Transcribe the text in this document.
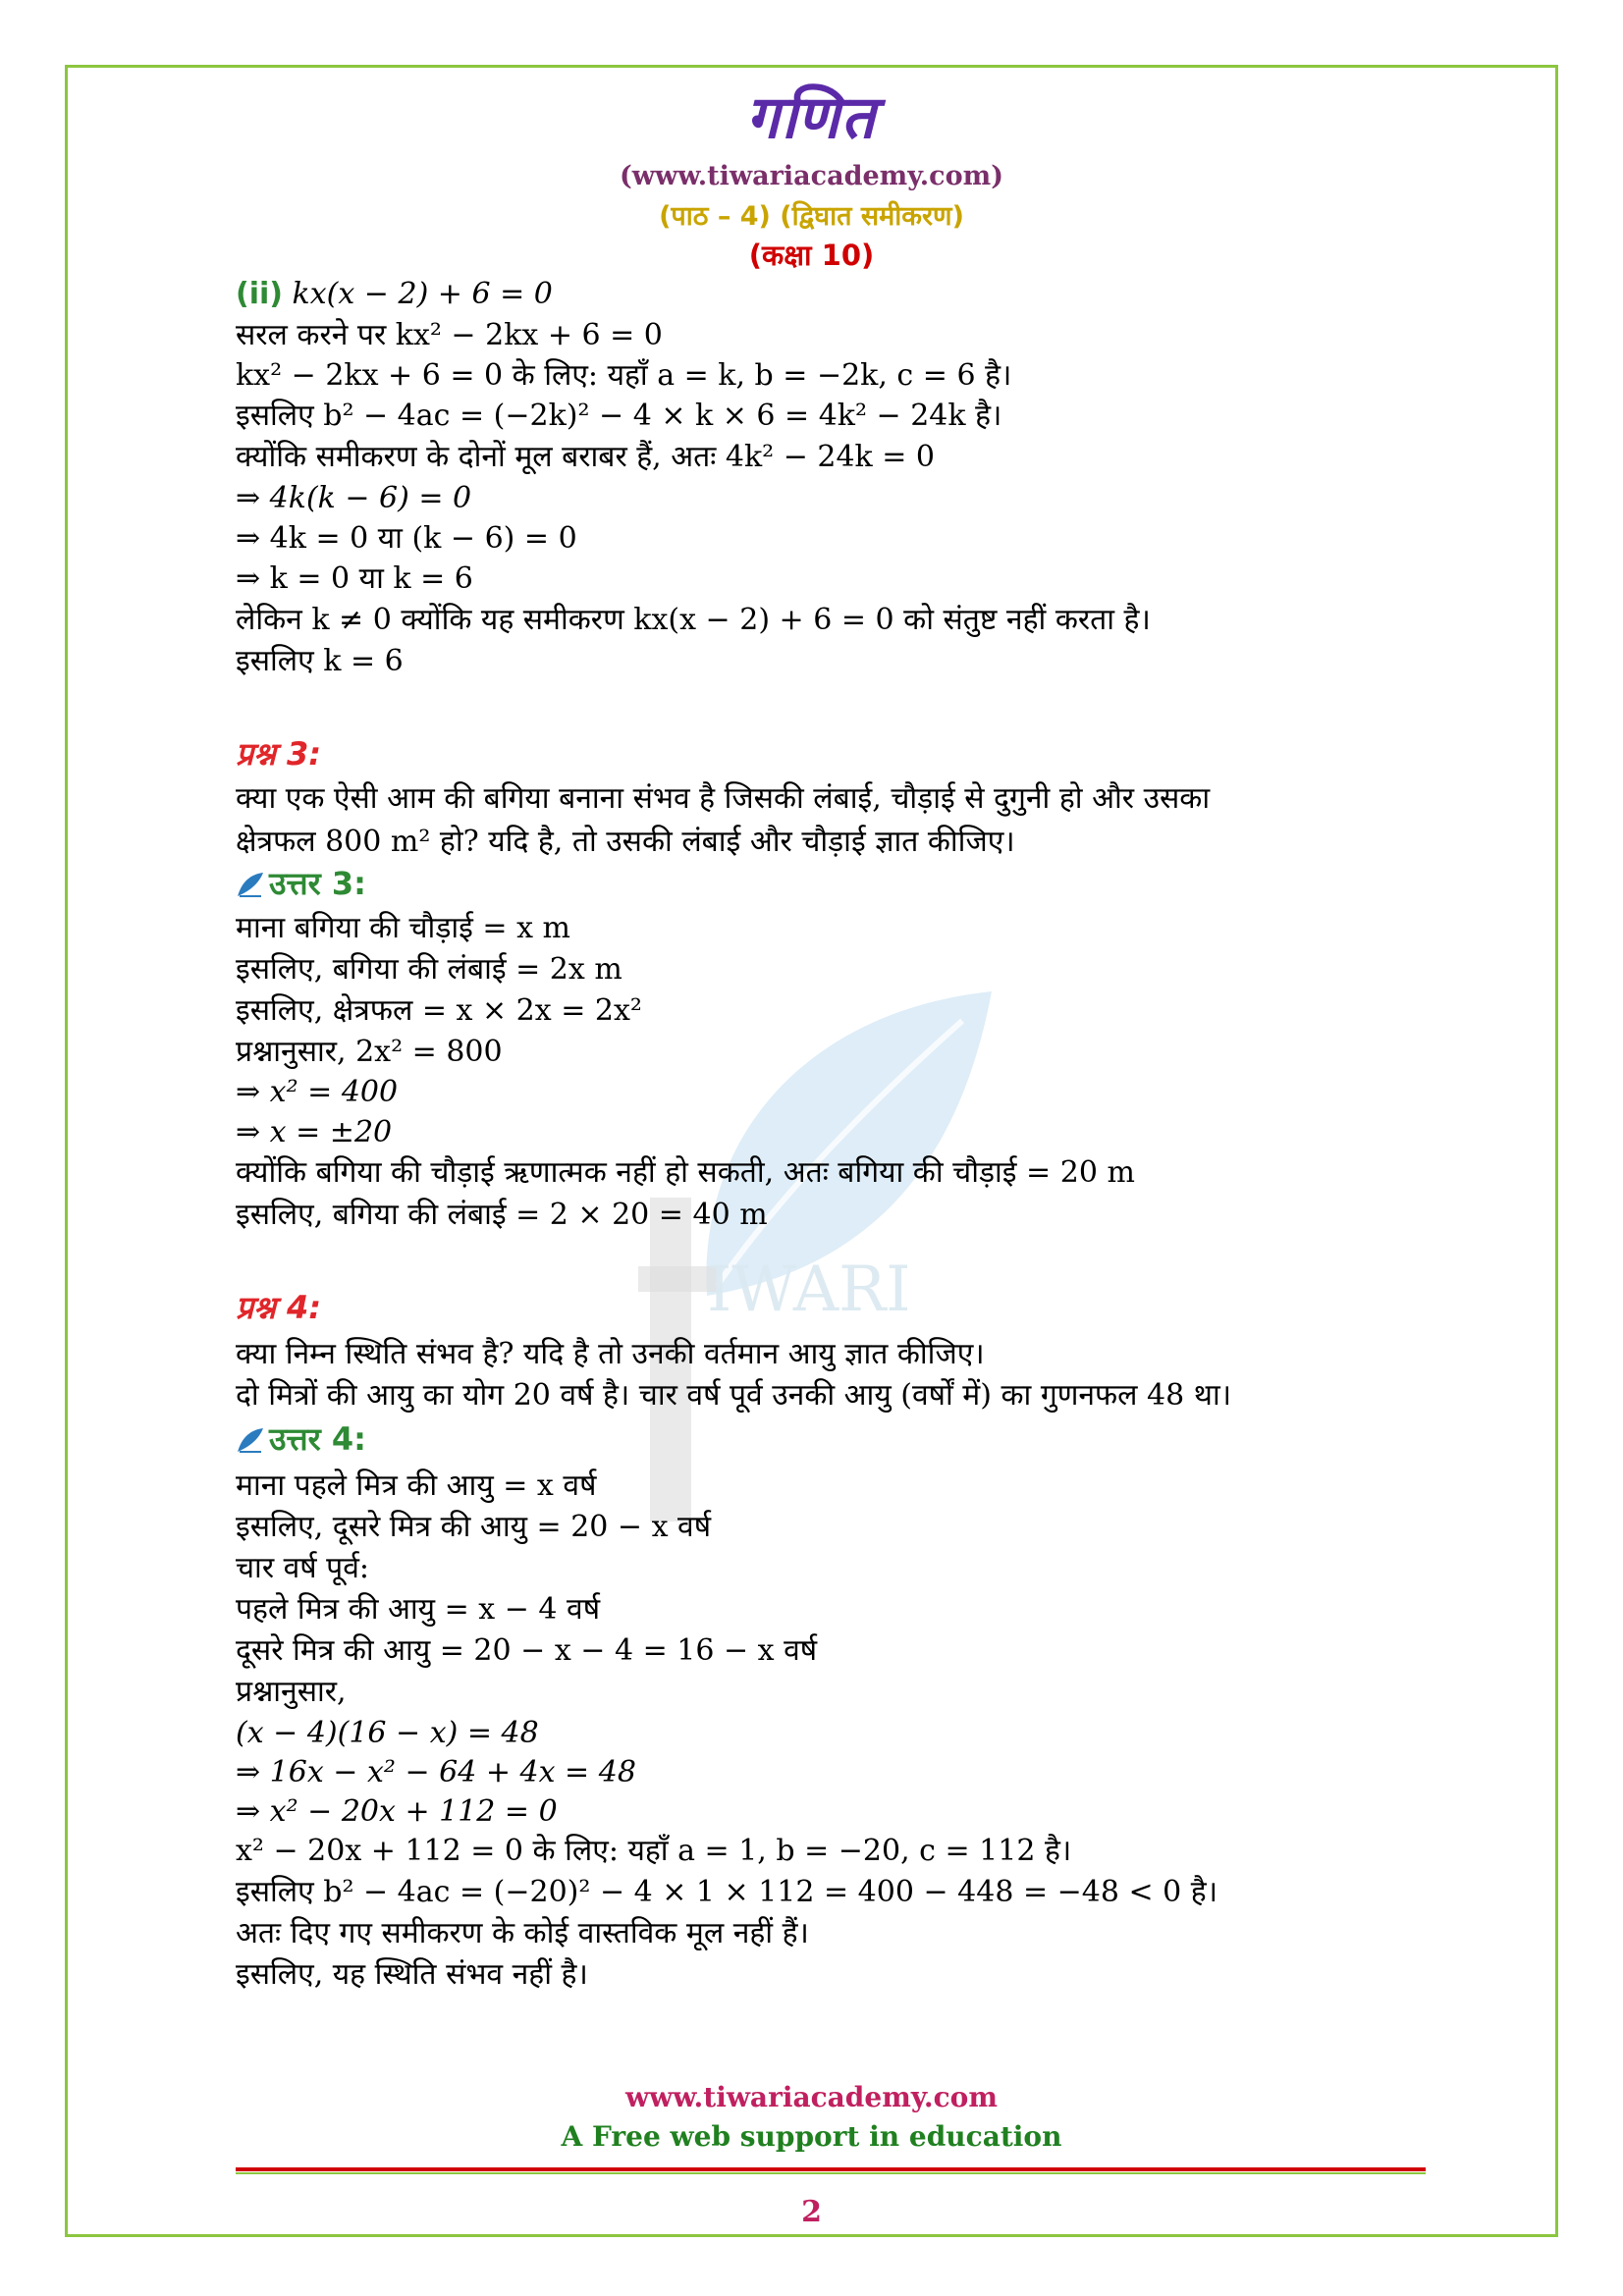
IWARI
गणित
(www.tiwariacademy.com)
(पाठ – 4) (द्विघात समीकरण)
(कक्षा 10)
(ii) kx(x − 2) + 6 = 0
सरल करने पर kx² − 2kx + 6 = 0
kx² − 2kx + 6 = 0 के लिए: यहाँ a = k, b = −2k, c = 6 है।
इसलिए b² − 4ac = (−2k)² − 4 × k × 6 = 4k² − 24k है।
क्योंकि समीकरण के दोनों मूल बराबर हैं, अतः 4k² − 24k = 0
⇒ 4k(k − 6) = 0
⇒ 4k = 0 या (k − 6) = 0
⇒ k = 0 या k = 6
लेकिन k ≠ 0 क्योंकि यह समीकरण kx(x − 2) + 6 = 0 को संतुष्ट नहीं करता है।
इसलिए k = 6
प्रश्न 3:
क्या एक ऐसी आम की बगिया बनाना संभव है जिसकी लंबाई, चौड़ाई से दुगुनी हो और उसका
क्षेत्रफल 800 m² हो? यदि है, तो उसकी लंबाई और चौड़ाई ज्ञात कीजिए।
उत्तर 3:
माना बगिया की चौड़ाई = x m
इसलिए, बगिया की लंबाई = 2x m
इसलिए, क्षेत्रफल = x × 2x = 2x²
प्रश्नानुसार, 2x² = 800
⇒ x² = 400
⇒ x = ±20
क्योंकि बगिया की चौड़ाई ऋणात्मक नहीं हो सकती, अतः बगिया की चौड़ाई = 20 m
इसलिए, बगिया की लंबाई = 2 × 20 = 40 m
प्रश्न 4:
क्या निम्न स्थिति संभव है? यदि है तो उनकी वर्तमान आयु ज्ञात कीजिए।
दो मित्रों की आयु का योग 20 वर्ष है। चार वर्ष पूर्व उनकी आयु (वर्षों में) का गुणनफल 48 था।
उत्तर 4:
माना पहले मित्र की आयु = x वर्ष
इसलिए, दूसरे मित्र की आयु = 20 − x वर्ष
चार वर्ष पूर्व:
पहले मित्र की आयु = x − 4 वर्ष
दूसरे मित्र की आयु = 20 − x − 4 = 16 − x वर्ष
प्रश्नानुसार,
(x − 4)(16 − x) = 48
⇒ 16x − x² − 64 + 4x = 48
⇒ x² − 20x + 112 = 0
x² − 20x + 112 = 0 के लिए: यहाँ a = 1, b = −20, c = 112 है।
इसलिए b² − 4ac = (−20)² − 4 × 1 × 112 = 400 − 448 = −48 < 0 है।
अतः दिए गए समीकरण के कोई वास्तविक मूल नहीं हैं।
इसलिए, यह स्थिति संभव नहीं है।
www.tiwariacademy.com
A Free web support in education
2
